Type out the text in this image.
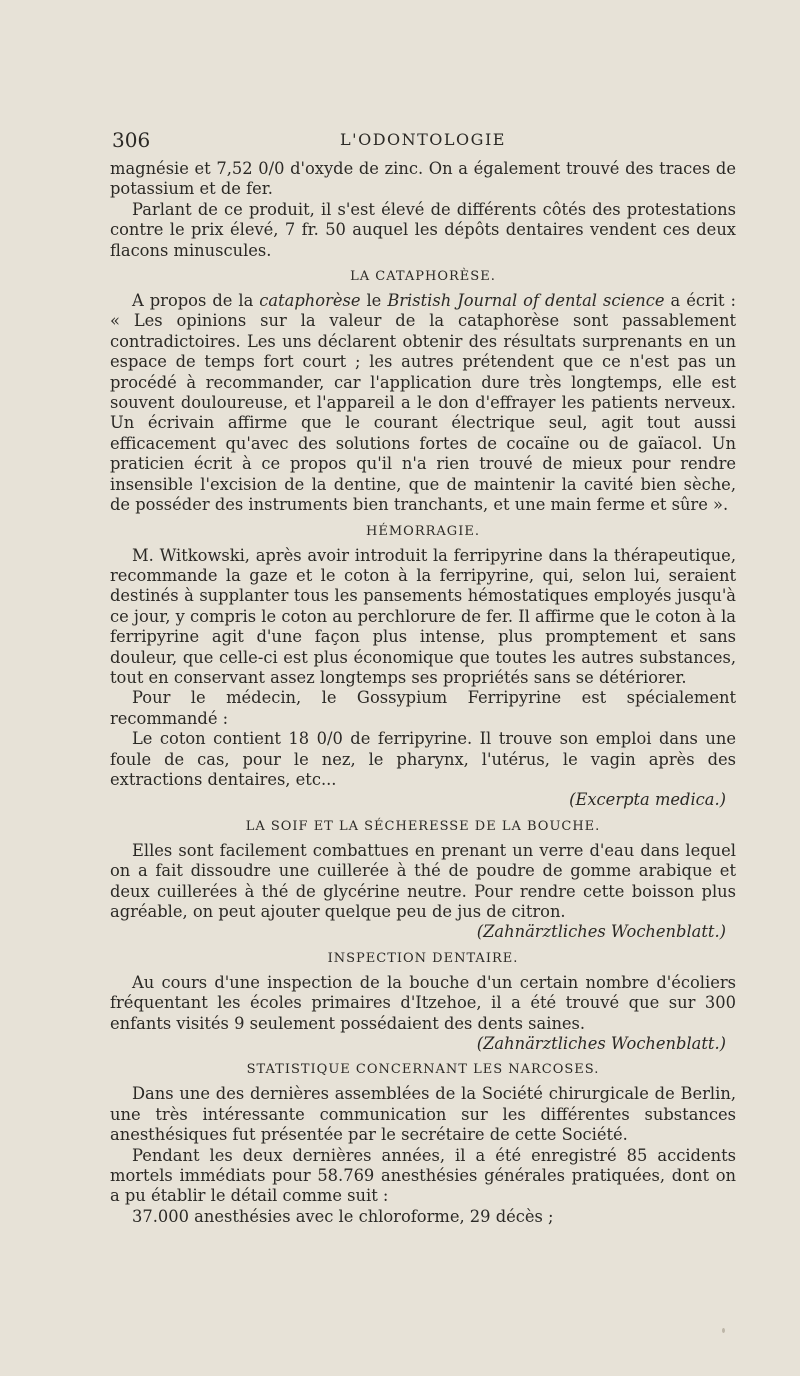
306	L'ODONTOLOGIE

magnésie et 7,52 0/0 d'oxyde de zinc. On a également trouvé des traces de potassium et de fer.

Parlant de ce produit, il s'est élevé de différents côtés des protestations contre le prix élevé, 7 fr. 50 auquel les dépôts dentaires vendent ces deux flacons minuscules.

LA CATAPHORÈSE.

A propos de la cataphorèse le Bristish Journal of dental science a écrit : « Les opinions sur la valeur de la cataphorèse sont passablement contradictoires. Les uns déclarent obtenir des résultats surprenants en un espace de temps fort court ; les autres prétendent que ce n'est pas un procédé à recommander, car l'application dure très longtemps, elle est souvent douloureuse, et l'appareil a le don d'effrayer les patients nerveux. Un écrivain affirme que le courant électrique seul, agit tout aussi efficacement qu'avec des solutions fortes de cocaïne ou de gaïacol. Un praticien écrit à ce propos qu'il n'a rien trouvé de mieux pour rendre insensible l'excision de la dentine, que de maintenir la cavité bien sèche, de posséder des instruments bien tranchants, et une main ferme et sûre ».

HÉMORRAGIE.

M. Witkowski, après avoir introduit la ferripyrine dans la thérapeutique, recommande la gaze et le coton à la ferripyrine, qui, selon lui, seraient destinés à supplanter tous les pansements hémostatiques employés jusqu'à ce jour, y compris le coton au perchlorure de fer. Il affirme que le coton à la ferripyrine agit d'une façon plus intense, plus promptement et sans douleur, que celle-ci est plus économique que toutes les autres substances, tout en conservant assez longtemps ses propriétés sans se détériorer.

Pour le médecin, le Gossypium Ferripyrine est spécialement recommandé :

Le coton contient 18 0/0 de ferripyrine. Il trouve son emploi dans une foule de cas, pour le nez, le pharynx, l'utérus, le vagin après des extractions dentaires, etc...

(Excerpta medica.)

LA SOIF ET LA SÉCHERESSE DE LA BOUCHE.

Elles sont facilement combattues en prenant un verre d'eau dans lequel on a fait dissoudre une cuillerée à thé de poudre de gomme arabique et deux cuillerées à thé de glycérine neutre. Pour rendre cette boisson plus agréable, on peut ajouter quelque peu de jus de citron.

(Zahnärztliches Wochenblatt.)

INSPECTION DENTAIRE.

Au cours d'une inspection de la bouche d'un certain nombre d'écoliers fréquentant les écoles primaires d'Itzehoe, il a été trouvé que sur 300 enfants visités 9 seulement possédaient des dents saines.

(Zahnärztliches Wochenblatt.)

STATISTIQUE CONCERNANT LES NARCOSES.

Dans une des dernières assemblées de la Société chirurgicale de Berlin, une très intéressante communication sur les différentes substances anesthésiques fut présentée par le secrétaire de cette Société.

Pendant les deux dernières années, il a été enregistré 85 accidents mortels immédiats pour 58.769 anesthésies générales pratiquées, dont on a pu établir le détail comme suit :

37.000 anesthésies avec le chloroforme, 29 décès ;
